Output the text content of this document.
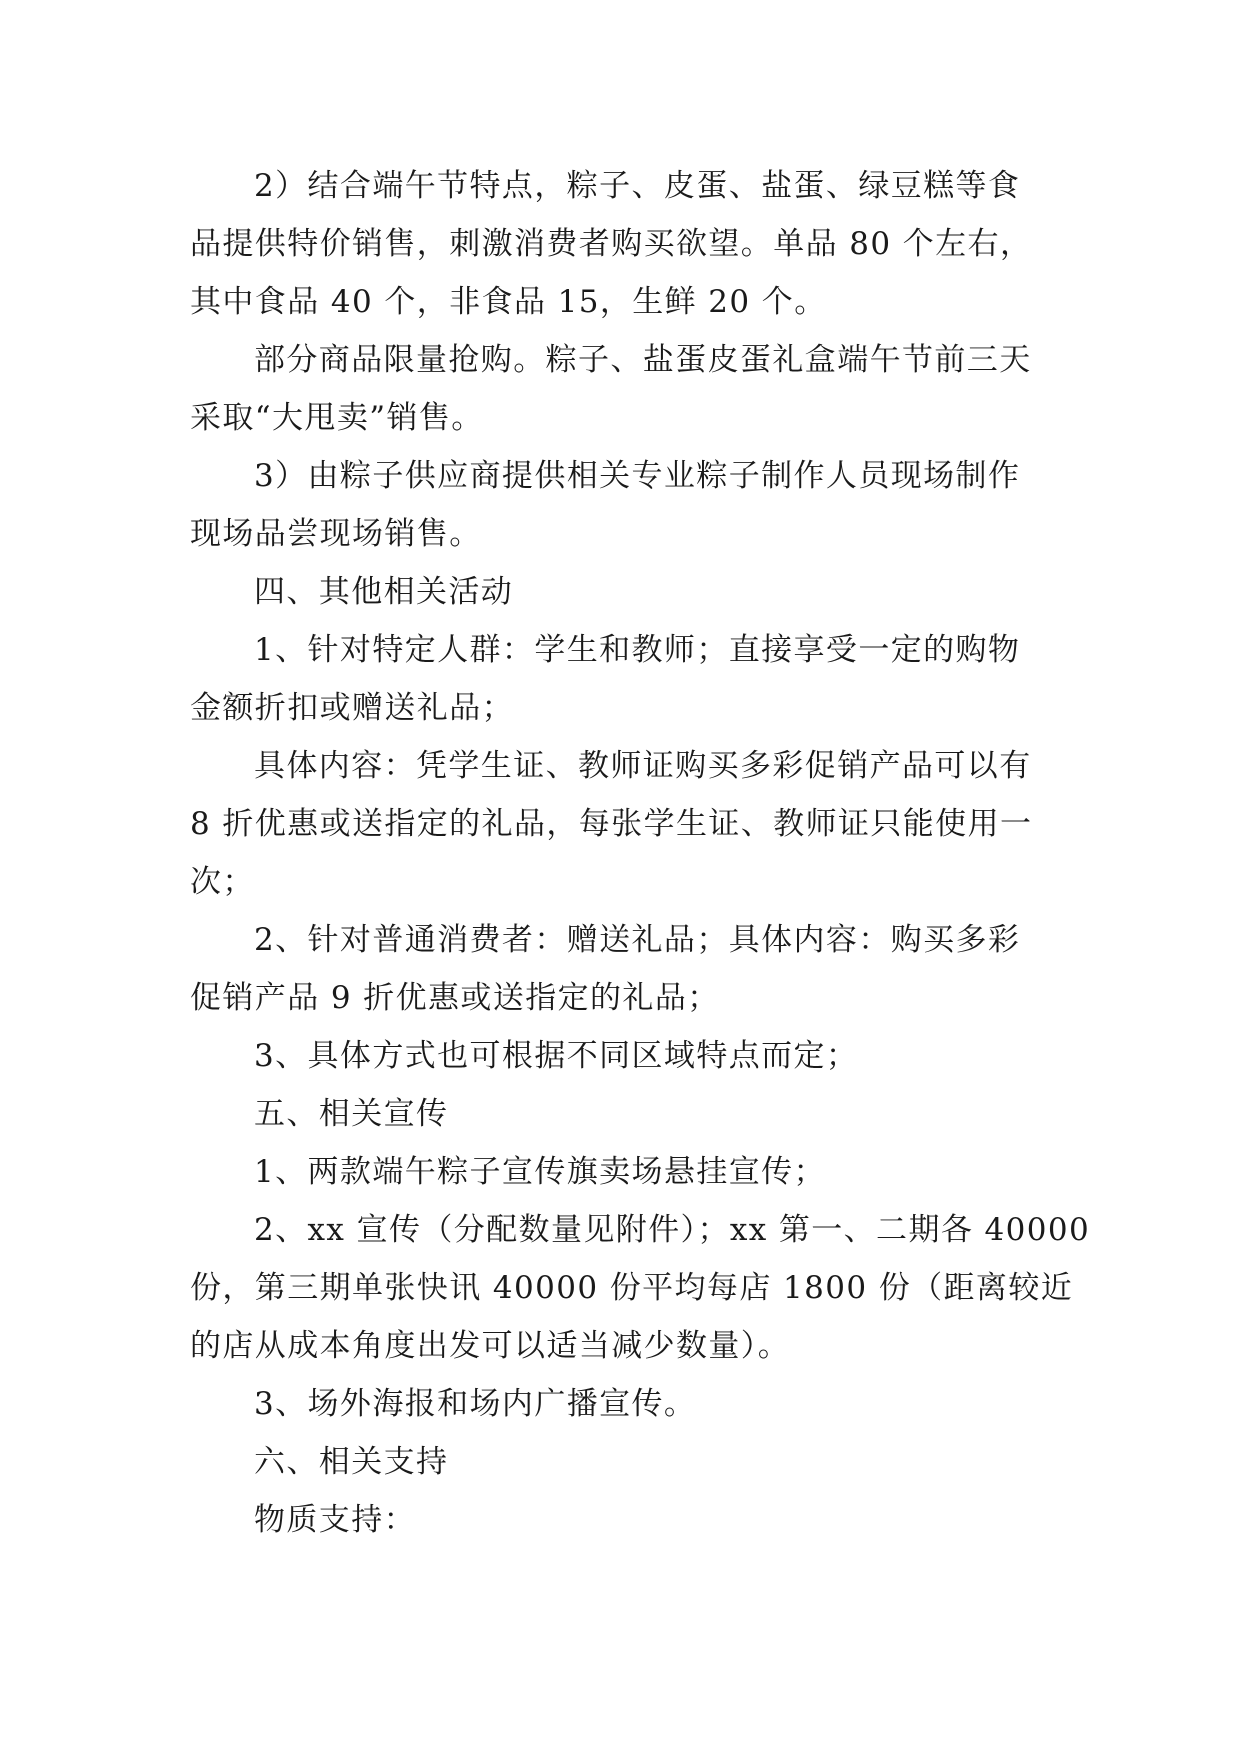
2）结合端午节特点，粽子、皮蛋、盐蛋、绿豆糕等食
品提供特价销售，刺激消费者购买欲望。单品 80 个左右，
其中食品 40 个，非食品 15，生鲜 20 个。
部分商品限量抢购。粽子、盐蛋皮蛋礼盒端午节前三天
采取“大甩卖”销售。
3）由粽子供应商提供相关专业粽子制作人员现场制作
现场品尝现场销售。
四、其他相关活动
1、针对特定人群：学生和教师；直接享受一定的购物
金额折扣或赠送礼品；
具体内容：凭学生证、教师证购买多彩促销产品可以有
8 折优惠或送指定的礼品，每张学生证、教师证只能使用一
次；
2、针对普通消费者：赠送礼品；具体内容：购买多彩
促销产品 9 折优惠或送指定的礼品；
3、具体方式也可根据不同区域特点而定；
五、相关宣传
1、两款端午粽子宣传旗卖场悬挂宣传；
2、xx 宣传（分配数量见附件）；xx 第一、二期各 40000
份，第三期单张快讯 40000 份平均每店 1800 份（距离较近
的店从成本角度出发可以适当减少数量）。
3、场外海报和场内广播宣传。
六、相关支持
物质支持：
